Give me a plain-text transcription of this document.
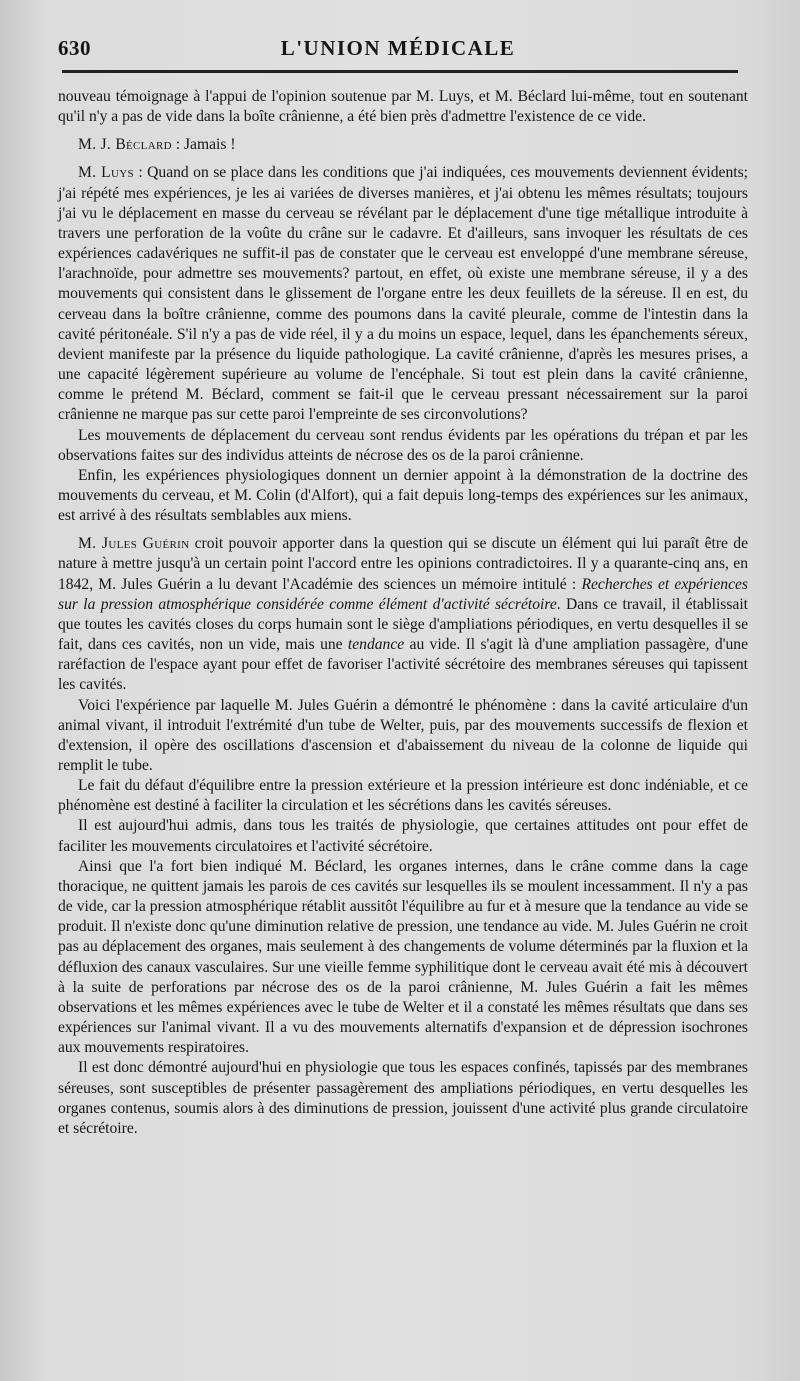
630	L'UNION MÉDICALE

nouveau témoignage à l'appui de l'opinion soutenue par M. Luys, et M. Béclard lui-même, tout en soutenant qu'il n'y a pas de vide dans la boîte crânienne, a été bien près d'admettre l'existence de ce vide.

M. J. Béclard : Jamais !

M. Luys : Quand on se place dans les conditions que j'ai indiquées, ces mouvements deviennent évidents; j'ai répété mes expériences, je les ai variées de diverses manières, et j'ai obtenu les mêmes résultats; toujours j'ai vu le déplacement en masse du cerveau se révélant par le déplacement d'une tige métallique introduite à travers une perforation de la voûte du crâne sur le cadavre. Et d'ailleurs, sans invoquer les résultats de ces expériences cadavériques ne suffit-il pas de constater que le cerveau est enveloppé d'une membrane séreuse, l'arachnoïde, pour admettre ses mouvements? partout, en effet, où existe une membrane séreuse, il y a des mouvements qui consistent dans le glissement de l'organe entre les deux feuillets de la séreuse. Il en est, du cerveau dans la boître crânienne, comme des poumons dans la cavité pleurale, comme de l'intestin dans la cavité péritonéale. S'il n'y a pas de vide réel, il y a du moins un espace, lequel, dans les épanchements séreux, devient manifeste par la présence du liquide pathologique. La cavité crânienne, d'après les mesures prises, a une capacité légèrement supérieure au volume de l'encéphale. Si tout est plein dans la cavité crânienne, comme le prétend M. Béclard, comment se fait-il que le cerveau pressant nécessairement sur la paroi crânienne ne marque pas sur cette paroi l'empreinte de ses circonvolutions?

Les mouvements de déplacement du cerveau sont rendus évidents par les opérations du trépan et par les observations faites sur des individus atteints de nécrose des os de la paroi crânienne.

Enfin, les expériences physiologiques donnent un dernier appoint à la démonstration de la doctrine des mouvements du cerveau, et M. Colin (d'Alfort), qui a fait depuis long-temps des expériences sur les animaux, est arrivé à des résultats semblables aux miens.

M. Jules Guérin croit pouvoir apporter dans la question qui se discute un élément qui lui paraît être de nature à mettre jusqu'à un certain point l'accord entre les opinions contradictoires. Il y a quarante-cinq ans, en 1842, M. Jules Guérin a lu devant l'Académie des sciences un mémoire intitulé : Recherches et expériences sur la pression atmosphérique considérée comme élément d'activité sécrétoire. Dans ce travail, il établissait que toutes les cavités closes du corps humain sont le siège d'ampliations périodiques, en vertu desquelles il se fait, dans ces cavités, non un vide, mais une tendance au vide. Il s'agit là d'une ampliation passagère, d'une raréfaction de l'espace ayant pour effet de favoriser l'activité sécrétoire des membranes séreuses qui tapissent les cavités.

Voici l'expérience par laquelle M. Jules Guérin a démontré le phénomène : dans la cavité articulaire d'un animal vivant, il introduit l'extrémité d'un tube de Welter, puis, par des mouvements successifs de flexion et d'extension, il opère des oscillations d'ascension et d'abaissement du niveau de la colonne de liquide qui remplit le tube.

Le fait du défaut d'équilibre entre la pression extérieure et la pression intérieure est donc indéniable, et ce phénomène est destiné à faciliter la circulation et les sécrétions dans les cavités séreuses.

Il est aujourd'hui admis, dans tous les traités de physiologie, que certaines attitudes ont pour effet de faciliter les mouvements circulatoires et l'activité sécrétoire.

Ainsi que l'a fort bien indiqué M. Béclard, les organes internes, dans le crâne comme dans la cage thoracique, ne quittent jamais les parois de ces cavités sur lesquelles ils se moulent incessamment. Il n'y a pas de vide, car la pression atmosphérique rétablit aussitôt l'équilibre au fur et à mesure que la tendance au vide se produit. Il n'existe donc qu'une diminution relative de pression, une tendance au vide. M. Jules Guérin ne croit pas au déplacement des organes, mais seulement à des changements de volume déterminés par la fluxion et la défluxion des canaux vasculaires. Sur une vieille femme syphilitique dont le cerveau avait été mis à découvert à la suite de perforations par nécrose des os de la paroi crânienne, M. Jules Guérin a fait les mêmes observations et les mêmes expériences avec le tube de Welter et il a constaté les mêmes résultats que dans ses expériences sur l'animal vivant. Il a vu des mouvements alternatifs d'expansion et de dépression isochrones aux mouvements respiratoires.

Il est donc démontré aujourd'hui en physiologie que tous les espaces confinés, tapissés par des membranes séreuses, sont susceptibles de présenter passagèrement des ampliations périodiques, en vertu desquelles les organes contenus, soumis alors à des diminutions de pression, jouissent d'une activité plus grande circulatoire et sécrétoire.
